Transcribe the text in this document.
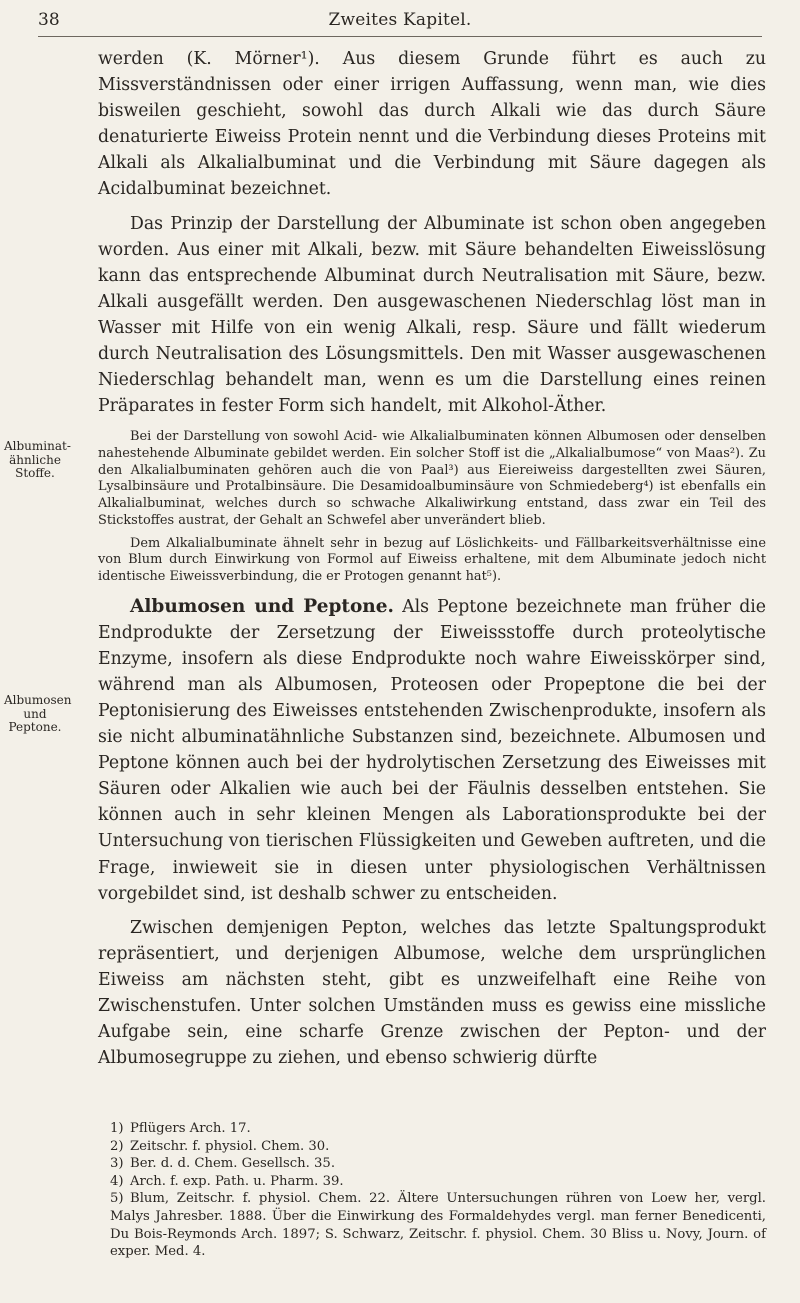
38	Zweites Kapitel.
Albuminat-ähnliche Stoffe.
Albumosen und Peptone.

werden (K. Mörner¹). Aus diesem Grunde führt es auch zu Missverständnissen oder einer irrigen Auffassung, wenn man, wie dies bisweilen geschieht, sowohl das durch Alkali wie das durch Säure denaturierte Eiweiss Protein nennt und die Verbindung dieses Proteins mit Alkali als Alkalialbuminat und die Verbindung mit Säure dagegen als Acidalbuminat bezeichnet.

Das Prinzip der Darstellung der Albuminate ist schon oben angegeben worden. Aus einer mit Alkali, bezw. mit Säure behandelten Eiweisslösung kann das entsprechende Albuminat durch Neutralisation mit Säure, bezw. Alkali ausgefällt werden. Den ausgewaschenen Niederschlag löst man in Wasser mit Hilfe von ein wenig Alkali, resp. Säure und fällt wiederum durch Neutralisation des Lösungsmittels. Den mit Wasser ausgewaschenen Niederschlag behandelt man, wenn es um die Darstellung eines reinen Präparates in fester Form sich handelt, mit Alkohol-Äther.

Bei der Darstellung von sowohl Acid- wie Alkalialbuminaten können Albumosen oder denselben nahestehende Albuminate gebildet werden. Ein solcher Stoff ist die „Alkalialbumose“ von Maas²). Zu den Alkalialbuminaten gehören auch die von Paal³) aus Eiereiweiss dargestellten zwei Säuren, Lysalbinsäure und Protalbinsäure. Die Desamidoalbuminsäure von Schmiedeberg⁴) ist ebenfalls ein Alkalialbuminat, welches durch so schwache Alkaliwirkung entstand, dass zwar ein Teil des Stickstoffes austrat, der Gehalt an Schwefel aber unverändert blieb.

Dem Alkalialbuminate ähnelt sehr in bezug auf Löslichkeits- und Fällbarkeitsverhältnisse eine von Blum durch Einwirkung von Formol auf Eiweiss erhaltene, mit dem Albuminate jedoch nicht identische Eiweissverbindung, die er Protogen genannt hat⁵).

Albumosen und Peptone. Als Peptone bezeichnete man früher die Endprodukte der Zersetzung der Eiweissstoffe durch proteolytische Enzyme, insofern als diese Endprodukte noch wahre Eiweisskörper sind, während man als Albumosen, Proteosen oder Propeptone die bei der Peptonisierung des Eiweisses entstehenden Zwischenprodukte, insofern als sie nicht albuminatähnliche Substanzen sind, bezeichnete. Albumosen und Peptone können auch bei der hydrolytischen Zersetzung des Eiweisses mit Säuren oder Alkalien wie auch bei der Fäulnis desselben entstehen. Sie können auch in sehr kleinen Mengen als Laborationsprodukte bei der Untersuchung von tierischen Flüssigkeiten und Geweben auftreten, und die Frage, inwieweit sie in diesen unter physiologischen Verhältnissen vorgebildet sind, ist deshalb schwer zu entscheiden.

Zwischen demjenigen Pepton, welches das letzte Spaltungsprodukt repräsentiert, und derjenigen Albumose, welche dem ursprünglichen Eiweiss am nächsten steht, gibt es unzweifelhaft eine Reihe von Zwischenstufen. Unter solchen Umständen muss es gewiss eine missliche Aufgabe sein, eine scharfe Grenze zwischen der Pepton- und der Albumosegruppe zu ziehen, und ebenso schwierig dürfte

1) Pflügers Arch. 17.

2) Zeitschr. f. physiol. Chem. 30.

3) Ber. d. d. Chem. Gesellsch. 35.

4) Arch. f. exp. Path. u. Pharm. 39.

5) Blum, Zeitschr. f. physiol. Chem. 22. Ältere Untersuchungen rühren von Loew her, vergl. Malys Jahresber. 1888. Über die Einwirkung des Formaldehydes vergl. man ferner Benedicenti, Du Bois-Reymonds Arch. 1897; S. Schwarz, Zeitschr. f. physiol. Chem. 30 Bliss u. Novy, Journ. of exper. Med. 4.
